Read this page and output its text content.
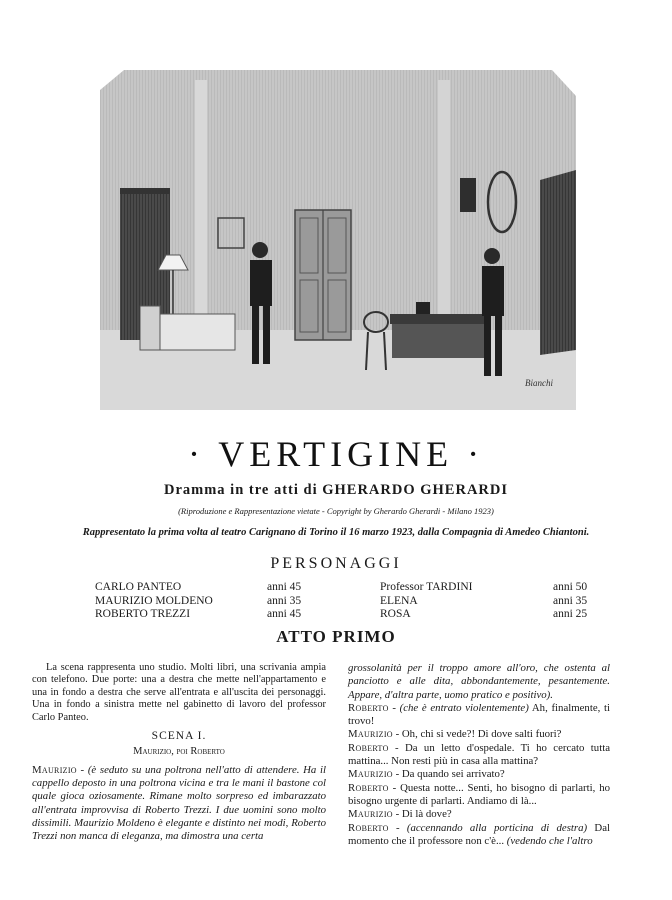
Bianchi
· VERTIGINE ·

Dramma in tre atti di GHERARDO GHERARDI

(Riproduzione e Rappresentazione vietate - Copyright by Gherardo Gherardi - Milano 1923)

Rappresentato la prima volta al teatro Carignano di Torino il 16 marzo 1923, dalla Compagnia di Amedeo Chiantoni.

PERSONAGGI
CARLO PANTEO	anni 45	Professor TARDINI	anni 50
MAURIZIO MOLDENO	anni 35	ELENA	anni 35
ROBERTO TREZZI	anni 45	ROSA	anni 25
ATTO PRIMO

La scena rappresenta uno studio. Molti libri, una scrivania ampia con telefono. Due porte: una a destra che mette nell'appartamento e una in fondo a destra che serve all'entrata e all'uscita dei personaggi. Una in fondo a sinistra mette nel gabinetto di lavoro del professor Carlo Panteo.

SCENA I.

Maurizio, poi Roberto

Maurizio - (è seduto su una poltrona nell'atto di attendere. Ha il cappello deposto in una poltrona vicina e tra le mani il bastone col quale gioca oziosamente. Rimane molto sorpreso ed imbarazzato all'entrata improvvisa di Roberto Trezzi. I due uomini sono molto dissimili. Maurizio Moldeno è elegante e distinto nei modi, Roberto Trezzi non manca di eleganza, ma dimostra una certa

grossolanità per il troppo amore all'oro, che ostenta al panciotto e alle dita, abbondantemente, pesantemente. Appare, d'altra parte, uomo pratico e positivo).

Roberto - (che è entrato violentemente) Ah, finalmente, ti trovo!

Maurizio - Oh, chi si vede?! Di dove salti fuori?

Roberto - Da un letto d'ospedale. Ti ho cercato tutta mattina... Non resti più in casa alla mattina?

Maurizio - Da quando sei arrivato?

Roberto - Questa notte... Senti, ho bisogno di parlarti, ho bisogno urgente di parlarti. Andiamo di là...

Maurizio - Di là dove?

Roberto - (accennando alla porticina di destra) Dal momento che il professore non c'è... (vedendo che l'altro
